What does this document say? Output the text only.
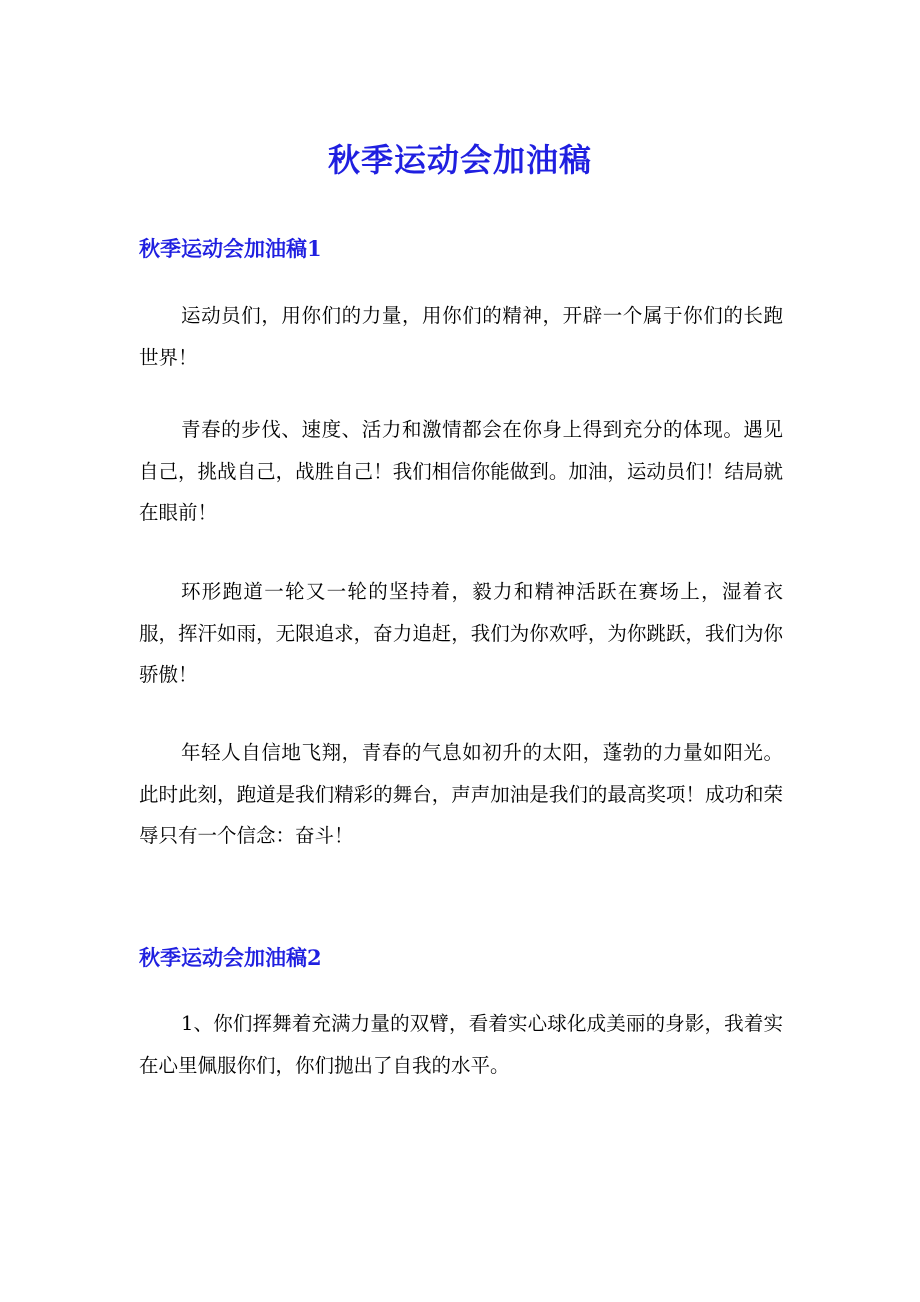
秋季运动会加油稿
秋季运动会加油稿1

运动员们，用你们的力量，用你们的精神，开辟一个属于你们的长跑世界！

青春的步伐、速度、活力和激情都会在你身上得到充分的体现。遇见自己，挑战自己，战胜自己！我们相信你能做到。加油，运动员们！结局就在眼前！

环形跑道一轮又一轮的坚持着，毅力和精神活跃在赛场上，湿着衣服，挥汗如雨，无限追求，奋力追赶，我们为你欢呼，为你跳跃，我们为你骄傲！

年轻人自信地飞翔，青春的气息如初升的太阳，蓬勃的力量如阳光。此时此刻，跑道是我们精彩的舞台，声声加油是我们的最高奖项！成功和荣辱只有一个信念：奋斗！

秋季运动会加油稿2

1、你们挥舞着充满力量的双臂，看着实心球化成美丽的身影，我着实在心里佩服你们，你们抛出了自我的水平。
